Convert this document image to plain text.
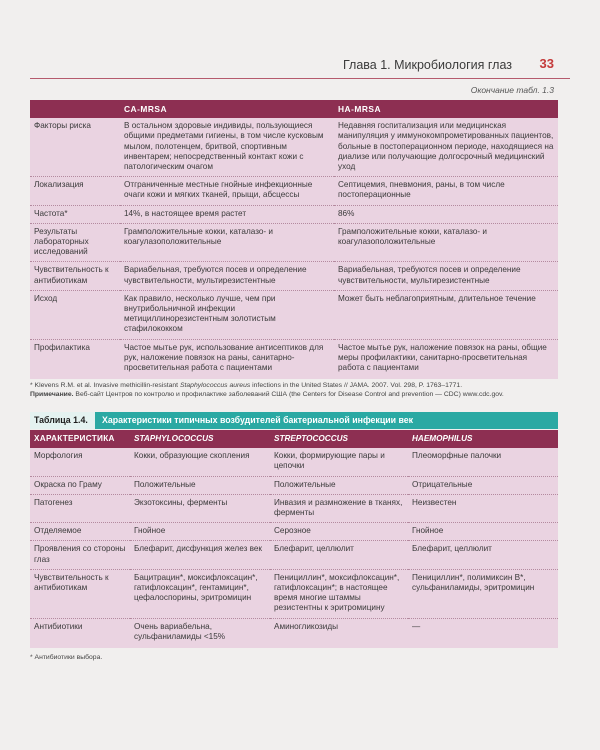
Глава 1. Микробиология глаз 33
Окончание табл. 1.3
	CA-MRSA	HA-MRSA
Факторы риска	В остальном здоровые индивиды, пользующиеся общими предметами гигиены, в том числе кусковым мылом, полотенцем, бритвой, спортивным инвентарем; непосредственный контакт кожи с патологическим очагом	Недавняя госпитализация или медицинская манипуляция у иммунокомпрометированных пациентов, больные в постоперационном периоде, находящиеся на диализе или получающие долгосрочный медицинский уход
Локализация	Отграниченные местные гнойные инфекционные очаги кожи и мягких тканей, прыщи, абсцессы	Септицемия, пневмония, раны, в том числе постоперационные
Частота*	14%, в настоящее время растет	86%
Результаты лабораторных исследований	Грамположительные кокки, каталазо- и коагулазоположительные	Грамположительные кокки, каталазо- и коагулазоположительные
Чувствительность к антибиотикам	Вариабельная, требуются посев и определение чувствительности, мультирезистентные	Вариабельная, требуются посев и определение чувствительности, мультирезистентные
Исход	Как правило, несколько лучше, чем при внутрибольничной инфекции метициллинорезистентным золотистым стафилококком	Может быть неблагоприятным, длительное течение
Профилактика	Частое мытье рук, использование антисептиков для рук, наложение повязок на раны, санитарно-просветительная работа с пациентами	Частое мытье рук, наложение повязок на раны, общие меры профилактики, санитарно-просветительная работа с пациентами
* Klevens R.M. et al. Invasive methicillin-resistant Staphylococcus aureus infections in the United States // JAMA. 2007. Vol. 298, P. 1763–1771.
Примечание. Веб-сайт Центров по контролю и профилактике заболеваний США (the Centers for Disease Control and prevention — CDC) www.cdc.gov.
Таблица 1.4.	Характеристики типичных возбудителей бактериальной инфекции век
ХАРАКТЕРИСТИКА	STAPHYLOCOCCUS	STREPTOCOCCUS	HAEMOPHILUS
Морфология	Кокки, образующие скопления	Кокки, формирующие пары и цепочки	Плеоморфные палочки
Окраска по Граму	Положительные	Положительные	Отрицательные
Патогенез	Экзотоксины, ферменты	Инвазия и размножение в тканях, ферменты	Неизвестен
Отделяемое	Гнойное	Серозное	Гнойное
Проявления со стороны глаз	Блефарит, дисфункция желез век	Блефарит, целлюлит	Блефарит, целлюлит
Чувствительность к антибиотикам	Бацитрацин*, моксифлоксацин*, гатифлоксацин*, гентамицин*, цефалоспорины, эритромицин	Пенициллин*, моксифлоксацин*, гатифлоксацин*; в настоящее время многие штаммы резистентны к эритромицину	Пенициллин*, полимиксин В*, сульфаниламиды, эритромицин
Антибиотики	Очень вариабельна, сульфаниламиды <15%	Аминогликозиды	—
* Антибиотики выбора.
